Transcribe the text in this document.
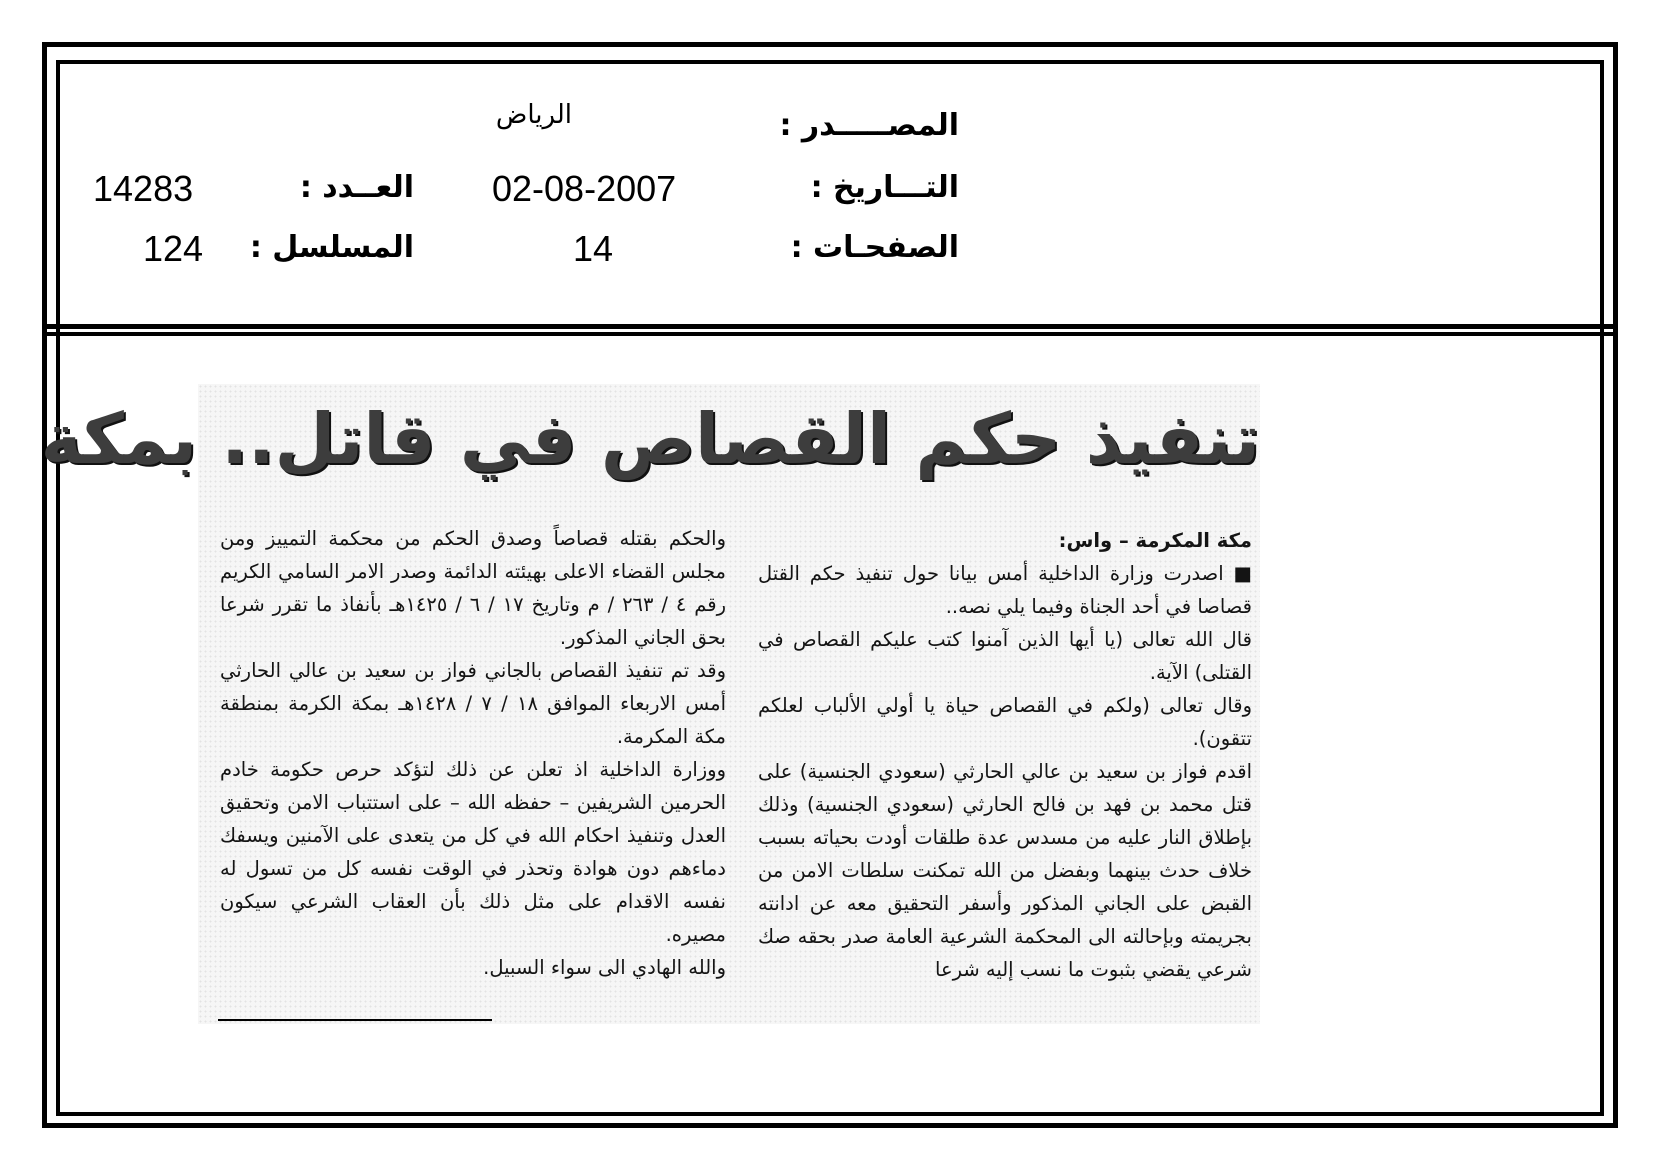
المصـــــدر :
الرياض
التـــاريخ :
02-08-2007
العــدد :
14283
الصفحـات :
14
المسلسل :
124
تنفيذ حكم القصاص في قاتل.. بمكة

مكة المكرمة – واس:

■ اصدرت وزارة الداخلية أمس بيانا حول تنفيذ حكم القتل قصاصا في أحد الجناة وفيما يلي نصه..

قال الله تعالى (يا أيها الذين آمنوا كتب عليكم القصاص في القتلى) الآية.

وقال تعالى (ولكم في القصاص حياة يا أولي الألباب لعلكم تتقون).

اقدم فواز بن سعيد بن عالي الحارثي (سعودي الجنسية) على قتل محمد بن فهد بن فالح الحارثي (سعودي الجنسية) وذلك بإطلاق النار عليه من مسدس عدة طلقات أودت بحياته بسبب خلاف حدث بينهما وبفضل من الله تمكنت سلطات الامن من القبض على الجاني المذكور وأسفر التحقيق معه عن ادانته بجريمته وبإحالته الى المحكمة الشرعية العامة صدر بحقه صك شرعي يقضي بثبوت ما نسب إليه شرعا

والحكم بقتله قصاصاً وصدق الحكم من محكمة التمييز ومن مجلس القضاء الاعلى بهيئته الدائمة وصدر الامر السامي الكريم رقم ٤ / ٢٦٣ / م وتاريخ ١٧ / ٦ / ١٤٢٥هـ بأنفاذ ما تقرر شرعا بحق الجاني المذكور.

وقد تم تنفيذ القصاص بالجاني فواز بن سعيد بن عالي الحارثي أمس الاربعاء الموافق ١٨ / ٧ / ١٤٢٨هـ بمكة الكرمة بمنطقة مكة المكرمة.

ووزارة الداخلية اذ تعلن عن ذلك لتؤكد حرص حكومة خادم الحرمين الشريفين – حفظه الله – على استتباب الامن وتحقيق العدل وتنفيذ احكام الله في كل من يتعدى على الآمنين ويسفك دماءهم دون هوادة وتحذر في الوقت نفسه كل من تسول له نفسه الاقدام على مثل ذلك بأن العقاب الشرعي سيكون مصيره.

والله الهادي الى سواء السبيل.
